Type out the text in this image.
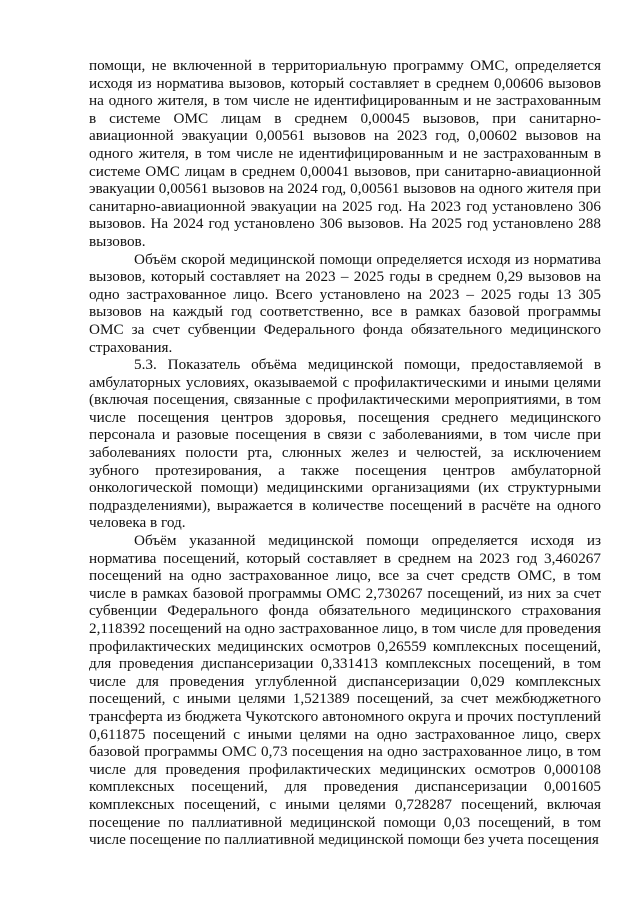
помощи, не включенной в территориальную программу ОМС, определяется исходя из норматива вызовов, который составляет в среднем 0,00606 вызовов на одного жителя, в том числе не идентифицированным и не застрахованным в системе ОМС лицам в среднем 0,00045 вызовов, при санитарно-авиационной эвакуации 0,00561 вызовов на 2023 год, 0,00602 вызовов на одного жителя, в том числе не идентифицированным и не застрахованным в системе ОМС лицам в среднем 0,00041 вызовов, при санитарно-авиационной эвакуации 0,00561 вызовов на 2024 год, 0,00561 вызовов на одного жителя при санитарно-авиационной эвакуации на 2025 год. На 2023 год установлено 306 вызовов. На 2024 год установлено 306 вызовов. На 2025 год установлено 288 вызовов.

Объём скорой медицинской помощи определяется исходя из норматива вызовов, который составляет на 2023 – 2025 годы в среднем 0,29 вызовов на одно застрахованное лицо. Всего установлено на 2023 – 2025 годы 13 305 вызовов на каждый год соответственно, все в рамках базовой программы ОМС за счет субвенции Федерального фонда обязательного медицинского страхования.

5.3. Показатель объёма медицинской помощи, предоставляемой в амбулаторных условиях, оказываемой с профилактическими и иными целями (включая посещения, связанные с профилактическими мероприятиями, в том числе посещения центров здоровья, посещения среднего медицинского персонала и разовые посещения в связи с заболеваниями, в том числе при заболеваниях полости рта, слюнных желез и челюстей, за исключением зубного протезирования, а также посещения центров амбулаторной онкологической помощи) медицинскими организациями (их структурными подразделениями), выражается в количестве посещений в расчёте на одного человека в год.

Объём указанной медицинской помощи определяется исходя из норматива посещений, который составляет в среднем на 2023 год 3,460267 посещений на одно застрахованное лицо, все за счет средств ОМС, в том числе в рамках базовой программы ОМС 2,730267 посещений, из них за счет субвенции Федерального фонда обязательного медицинского страхования 2,118392 посещений на одно застрахованное лицо, в том числе для проведения профилактических медицинских осмотров 0,26559 комплексных посещений, для проведения диспансеризации 0,331413 комплексных посещений, в том числе для проведения углубленной диспансеризации 0,029 комплексных посещений, с иными целями 1,521389 посещений, за счет межбюджетного трансферта из бюджета Чукотского автономного округа и прочих поступлений 0,611875 посещений с иными целями на одно застрахованное лицо, сверх базовой программы ОМС 0,73 посещения на одно застрахованное лицо, в том числе для проведения профилактических медицинских осмотров 0,000108 комплексных посещений, для проведения диспансеризации 0,001605 комплексных посещений, с иными целями 0,728287 посещений, включая посещение по паллиативной медицинской помощи 0,03 посещений, в том числе посещение по паллиативной медицинской помощи без учета посещения
